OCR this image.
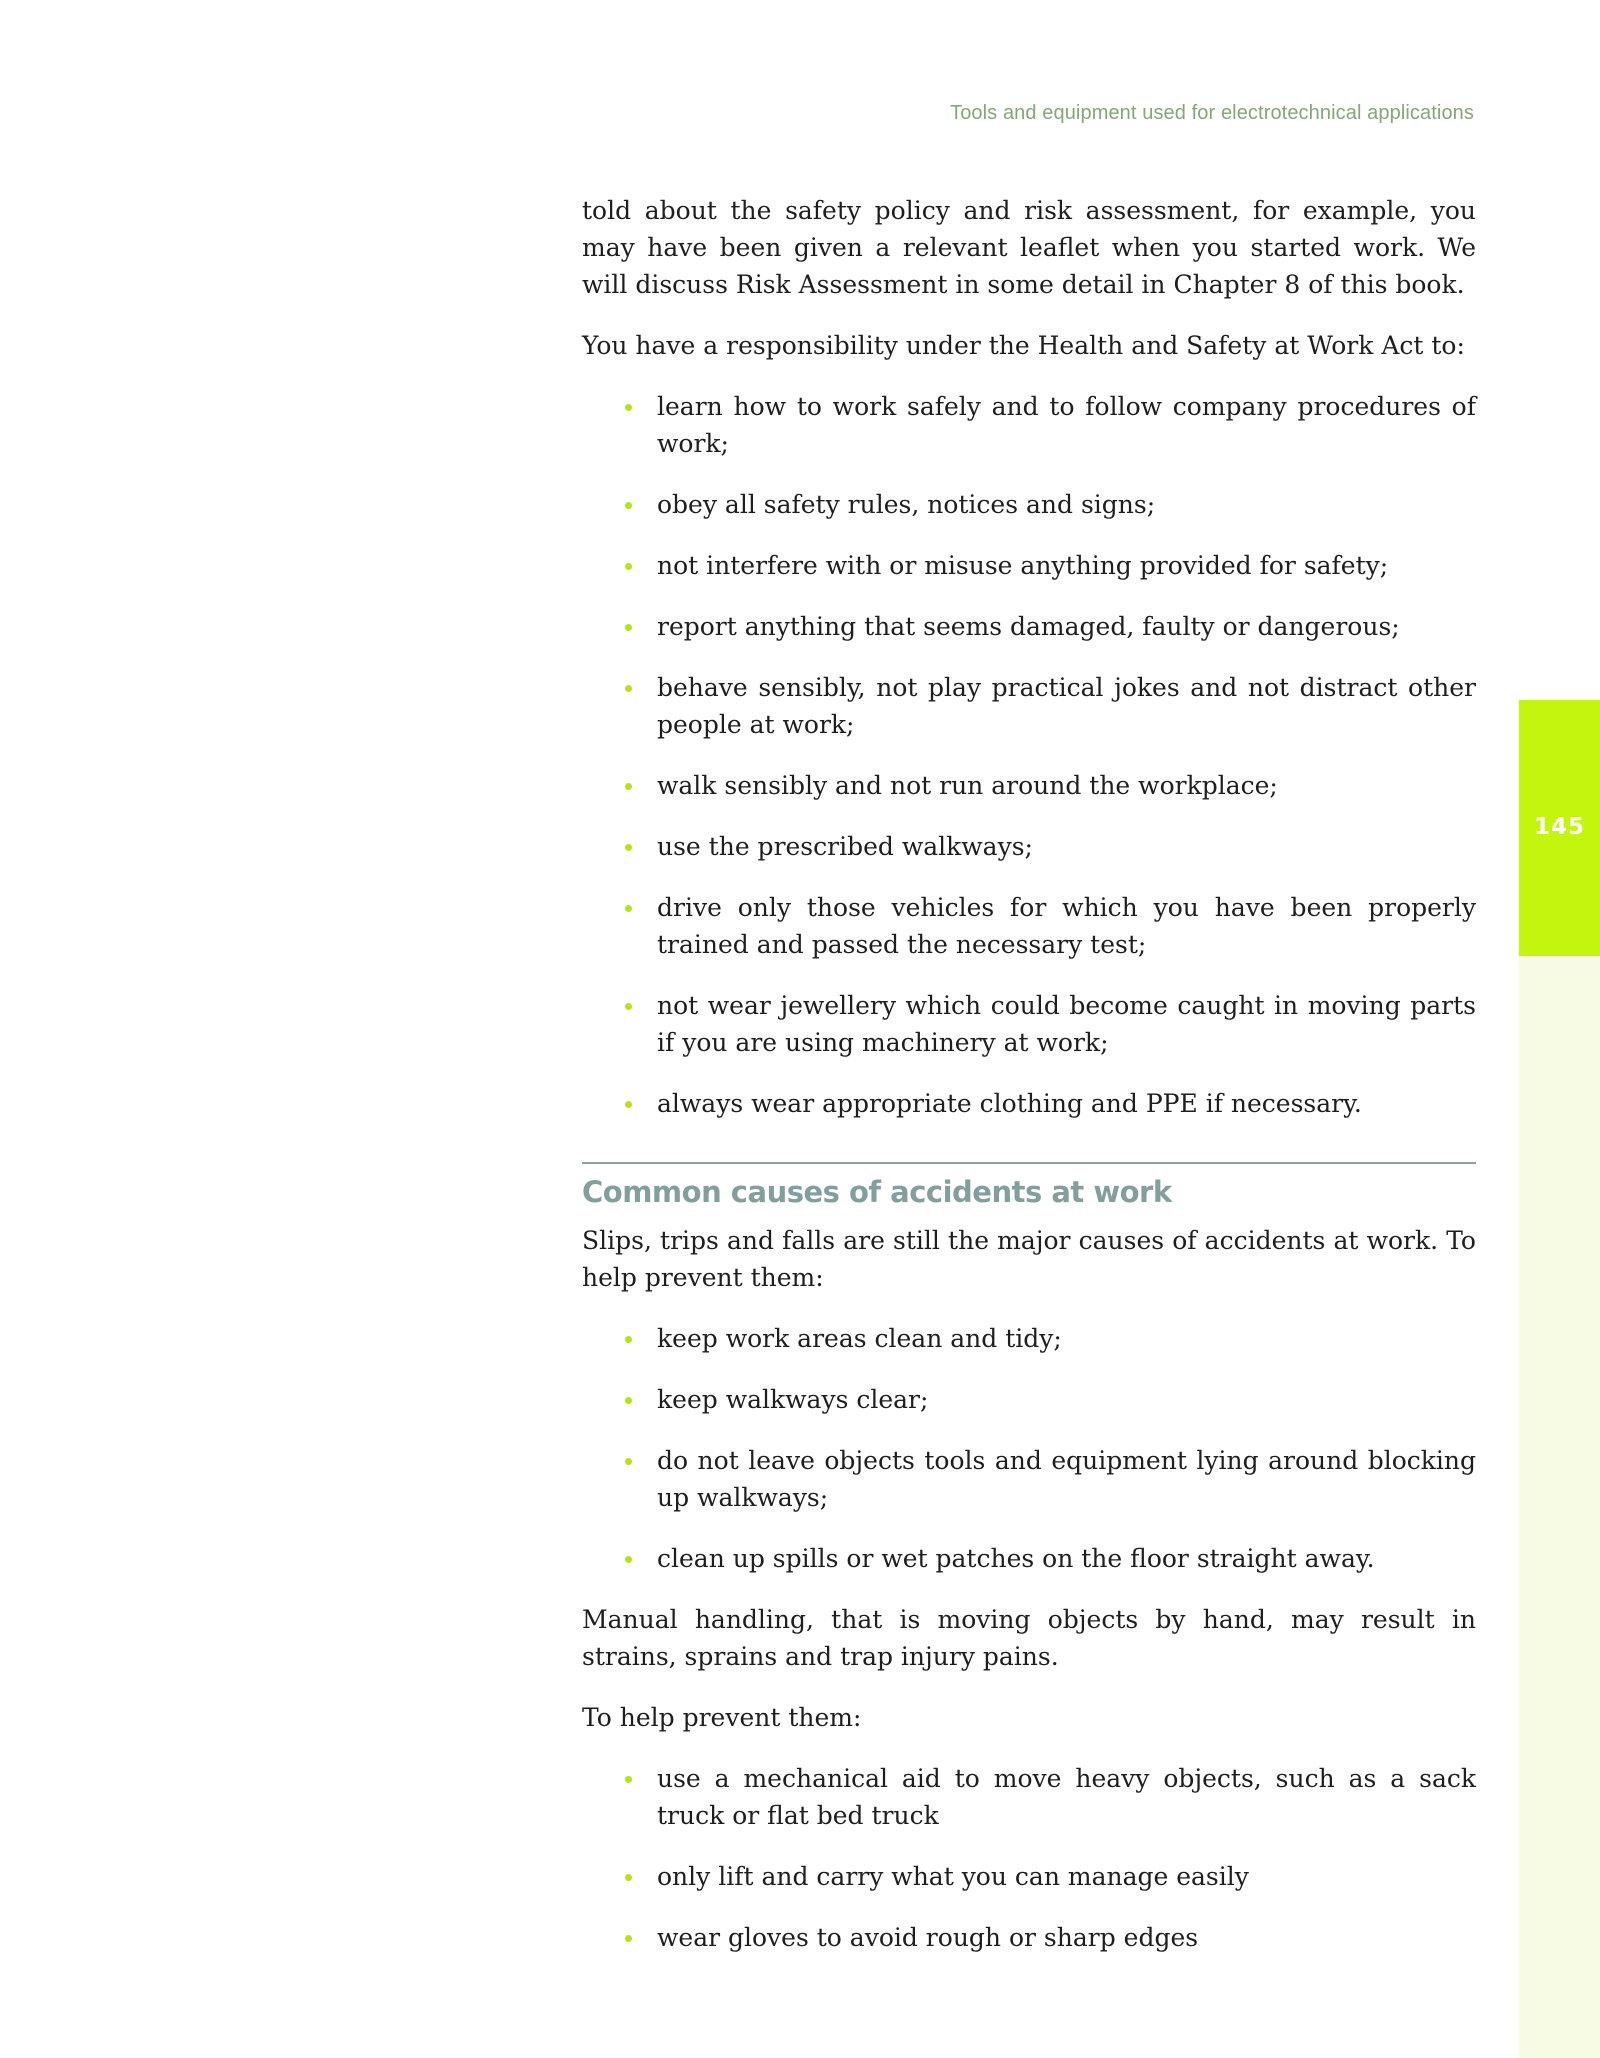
Tools and equipment used for electrotechnical applications
145

told about the safety policy and risk assessment, for example, you may have been given a relevant leaflet when you started work. We will discuss Risk Assessment in some detail in Chapter 8 of this book.

You have a responsibility under the Health and Safety at Work Act to:

learn how to work safely and to follow company procedures of work;
obey all safety rules, notices and signs;
not interfere with or misuse anything provided for safety;
report anything that seems damaged, faulty or dangerous;
behave sensibly, not play practical jokes and not distract other people at work;
walk sensibly and not run around the workplace;
use the prescribed walkways;
drive only those vehicles for which you have been properly trained and passed the necessary test;
not wear jewellery which could become caught in moving parts if you are using machinery at work;
always wear appropriate clothing and PPE if necessary.
Common causes of accidents at work

Slips, trips and falls are still the major causes of accidents at work. To help prevent them:

keep work areas clean and tidy;
keep walkways clear;
do not leave objects tools and equipment lying around blocking up walkways;
clean up spills or wet patches on the floor straight away.

Manual handling, that is moving objects by hand, may result in strains, sprains and trap injury pains.

To help prevent them:

use a mechanical aid to move heavy objects, such as a sack truck or flat bed truck
only lift and carry what you can manage easily
wear gloves to avoid rough or sharp edges
